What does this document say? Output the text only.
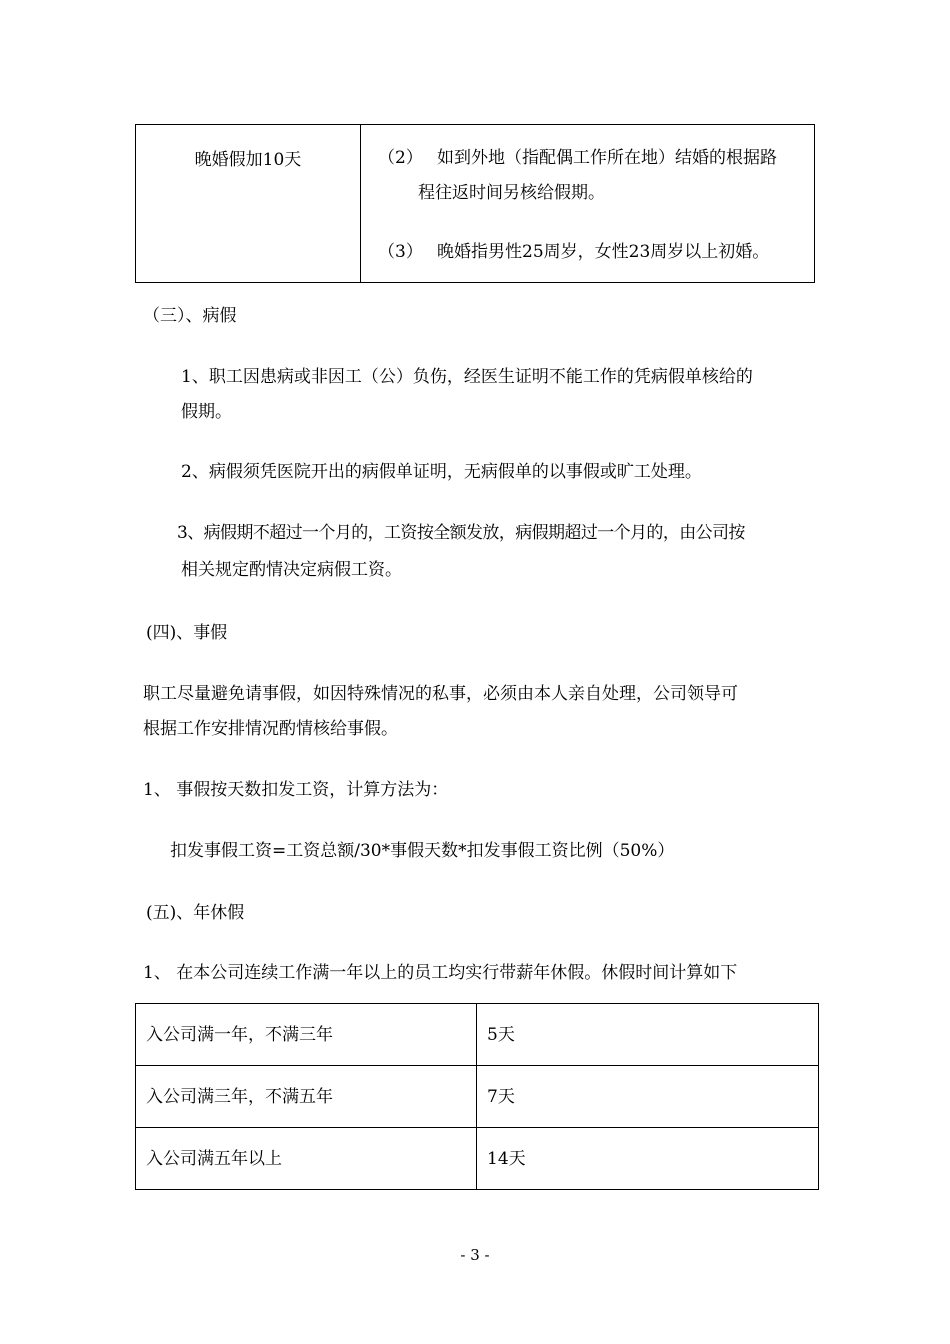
晚婚假加10天	（2） 如到外地（指配偶工作所在地）结婚的根据路
程往返时间另核给假期。
（3） 晚婚指男性25周岁，女性23周岁以上初婚。
（三）、病假
1、职工因患病或非因工（公）负伤，经医生证明不能工作的凭病假单核给的
假期。
2、病假须凭医院开出的病假单证明，无病假单的以事假或旷工处理。
3、病假期不超过一个月的，工资按全额发放，病假期超过一个月的，由公司按
相关规定酌情决定病假工资。
(四)、事假
职工尽量避免请事假，如因特殊情况的私事，必须由本人亲自处理，公司领导可
根据工作安排情况酌情核给事假。
1、 事假按天数扣发工资，计算方法为：
扣发事假工资=工资总额/30*事假天数*扣发事假工资比例（50%）
(五)、年休假
1、 在本公司连续工作满一年以上的员工均实行带薪年休假。休假时间计算如下
入公司满一年，不满三年	5天
入公司满三年，不满五年	7天
入公司满五年以上	14天
- 3 -
